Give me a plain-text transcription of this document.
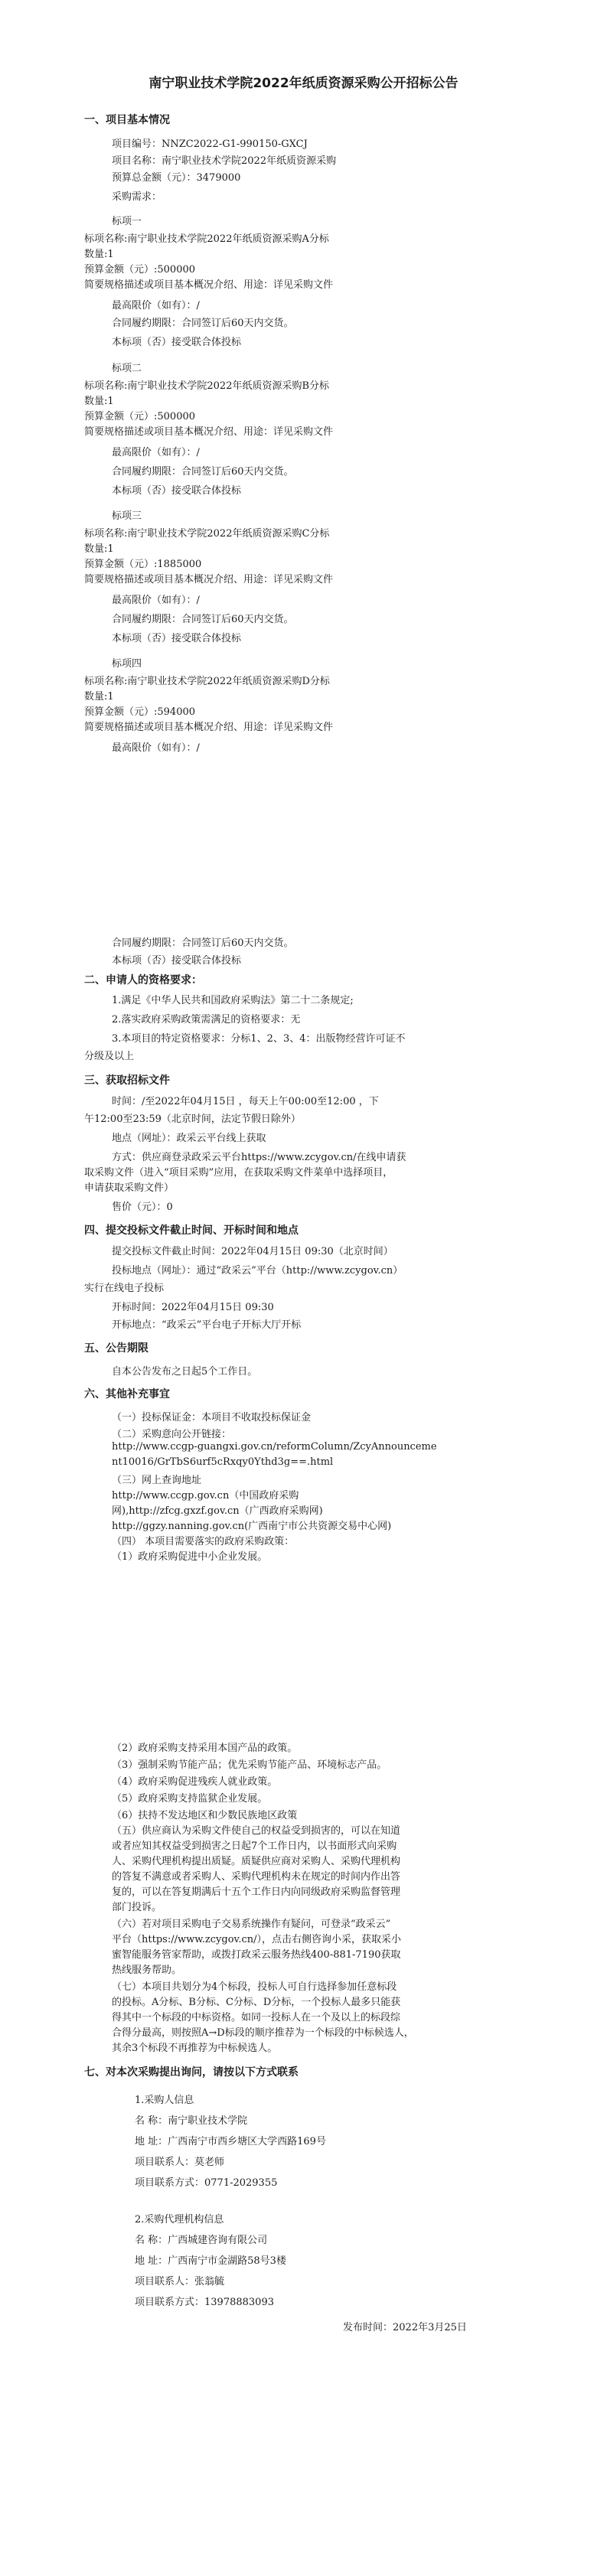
南宁职业技术学院2022年纸质资源采购公开招标公告
一、项目基本情况
项目编号：NNZC2022-G1-990150-GXCJ
项目名称：南宁职业技术学院2022年纸质资源采购
预算总金额（元）：3479000
采购需求：
标项一
标项名称:南宁职业技术学院2022年纸质资源采购A分标
数量:1
预算金额（元）:500000
简要规格描述或项目基本概况介绍、用途：详见采购文件
最高限价（如有）：/
合同履约期限：合同签订后60天内交货。
本标项（否）接受联合体投标
标项二
标项名称:南宁职业技术学院2022年纸质资源采购B分标
数量:1
预算金额（元）:500000
简要规格描述或项目基本概况介绍、用途：详见采购文件
最高限价（如有）：/
合同履约期限：合同签订后60天内交货。
本标项（否）接受联合体投标
标项三
标项名称:南宁职业技术学院2022年纸质资源采购C分标
数量:1
预算金额（元）:1885000
简要规格描述或项目基本概况介绍、用途：详见采购文件
最高限价（如有）：/
合同履约期限：合同签订后60天内交货。
本标项（否）接受联合体投标
标项四
标项名称:南宁职业技术学院2022年纸质资源采购D分标
数量:1
预算金额（元）:594000
简要规格描述或项目基本概况介绍、用途：详见采购文件
最高限价（如有）：/
合同履约期限：合同签订后60天内交货。
本标项（否）接受联合体投标
二、申请人的资格要求：
1.满足《中华人民共和国政府采购法》第二十二条规定;
2.落实政府采购政策需满足的资格要求：无
3.本项目的特定资格要求：分标1、2、3、4：出版物经营许可证不
分级及以上
三、获取招标文件
时间：/至2022年04月15日 ，每天上午00:00至12:00 ，下
午12:00至23:59（北京时间，法定节假日除外）
地点（网址）：政采云平台线上获取
方式：供应商登录政采云平台https://www.zcygov.cn/在线申请获
取采购文件（进入“项目采购”应用，在获取采购文件菜单中选择项目，
申请获取采购文件）
售价（元）：0
四、提交投标文件截止时间、开标时间和地点
提交投标文件截止时间：2022年04月15日 09:30（北京时间）
投标地点（网址）：通过“政采云”平台（http://www.zcygov.cn）
实行在线电子投标
开标时间：2022年04月15日 09:30
开标地点：“政采云”平台电子开标大厅开标
五、公告期限
自本公告发布之日起5个工作日。
六、其他补充事宜
（一）投标保证金：本项目不收取投标保证金
（二）采购意向公开链接：
http://www.ccgp-guangxi.gov.cn/reformColumn/ZcyAnnounceme
nt10016/GrTbS6urf5cRxqy0Ythd3g==.html
（三）网上查询地址
http://www.ccgp.gov.cn（中国政府采购
网),http://zfcg.gxzf.gov.cn（广西政府采购网)
http://ggzy.nanning.gov.cn(广西南宁市公共资源交易中心网)
（四） 本项目需要落实的政府采购政策：
（1）政府采购促进中小企业发展。
（2）政府采购支持采用本国产品的政策。
（3）强制采购节能产品；优先采购节能产品、环境标志产品。
（4）政府采购促进残疾人就业政策。
（5）政府采购支持监狱企业发展。
（6）扶持不发达地区和少数民族地区政策
（五）供应商认为采购文件使自己的权益受到损害的，可以在知道
或者应知其权益受到损害之日起7个工作日内，以书面形式向采购
人、采购代理机构提出质疑。质疑供应商对采购人、采购代理机构
的答复不满意或者采购人、采购代理机构未在规定的时间内作出答
复的，可以在答复期满后十五个工作日内向同级政府采购监督管理
部门投诉。
（六）若对项目采购电子交易系统操作有疑问，可登录“政采云”
平台（https://www.zcygov.cn/），点击右侧咨询小采，获取采小
蜜智能服务管家帮助，或拨打政采云服务热线400-881-7190获取
热线服务帮助。
（七）本项目共划分为4个标段，投标人可自行选择参加任意标段
的投标。A分标、B分标、C分标、D分标，一个投标人最多只能获
得其中一个标段的中标资格。如同一投标人在一个及以上的标段综
合得分最高，则按照A→D标段的顺序推荐为一个标段的中标候选人，
其余3个标段不再推荐为中标候选人。
七、对本次采购提出询问，请按以下方式联系
1.采购人信息
名 称：南宁职业技术学院
地 址：广西南宁市西乡塘区大学西路169号
项目联系人：莫老师
项目联系方式：0771-2029355
2.采购代理机构信息
名 称：广西城建咨询有限公司
地 址：广西南宁市金湖路58号3楼
项目联系人：张翁毓
项目联系方式：13978883093
发布时间：2022年3月25日
